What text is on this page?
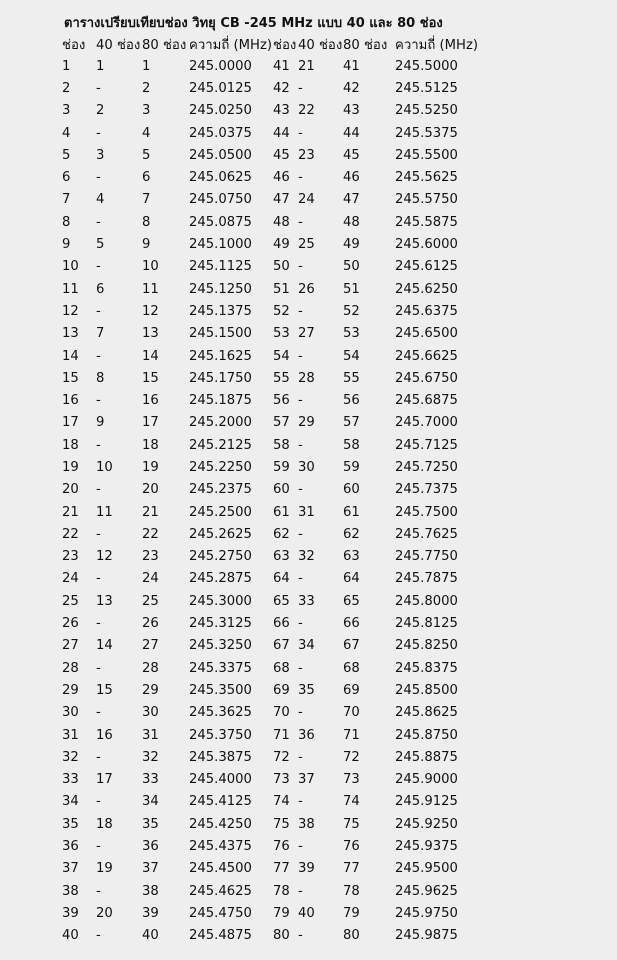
ตารางเปรียบเทียบช่อง วิทยุ CB -245 MHz แบบ 40 และ 80 ช่อง
ช่อง	40 ช่อง	80 ช่อง	ความถี่ (MHz)	ช่อง	40 ช่อง	80 ช่อง	ความถี่ (MHz)
1	1	1	245.0000	41	21	41	245.5000
2	-	2	245.0125	42	-	42	245.5125
3	2	3	245.0250	43	22	43	245.5250
4	-	4	245.0375	44	-	44	245.5375
5	3	5	245.0500	45	23	45	245.5500
6	-	6	245.0625	46	-	46	245.5625
7	4	7	245.0750	47	24	47	245.5750
8	-	8	245.0875	48	-	48	245.5875
9	5	9	245.1000	49	25	49	245.6000
10	-	10	245.1125	50	-	50	245.6125
11	6	11	245.1250	51	26	51	245.6250
12	-	12	245.1375	52	-	52	245.6375
13	7	13	245.1500	53	27	53	245.6500
14	-	14	245.1625	54	-	54	245.6625
15	8	15	245.1750	55	28	55	245.6750
16	-	16	245.1875	56	-	56	245.6875
17	9	17	245.2000	57	29	57	245.7000
18	-	18	245.2125	58	-	58	245.7125
19	10	19	245.2250	59	30	59	245.7250
20	-	20	245.2375	60	-	60	245.7375
21	11	21	245.2500	61	31	61	245.7500
22	-	22	245.2625	62	-	62	245.7625
23	12	23	245.2750	63	32	63	245.7750
24	-	24	245.2875	64	-	64	245.7875
25	13	25	245.3000	65	33	65	245.8000
26	-	26	245.3125	66	-	66	245.8125
27	14	27	245.3250	67	34	67	245.8250
28	-	28	245.3375	68	-	68	245.8375
29	15	29	245.3500	69	35	69	245.8500
30	-	30	245.3625	70	-	70	245.8625
31	16	31	245.3750	71	36	71	245.8750
32	-	32	245.3875	72	-	72	245.8875
33	17	33	245.4000	73	37	73	245.9000
34	-	34	245.4125	74	-	74	245.9125
35	18	35	245.4250	75	38	75	245.9250
36	-	36	245.4375	76	-	76	245.9375
37	19	37	245.4500	77	39	77	245.9500
38	-	38	245.4625	78	-	78	245.9625
39	20	39	245.4750	79	40	79	245.9750
40	-	40	245.4875	80	-	80	245.9875
